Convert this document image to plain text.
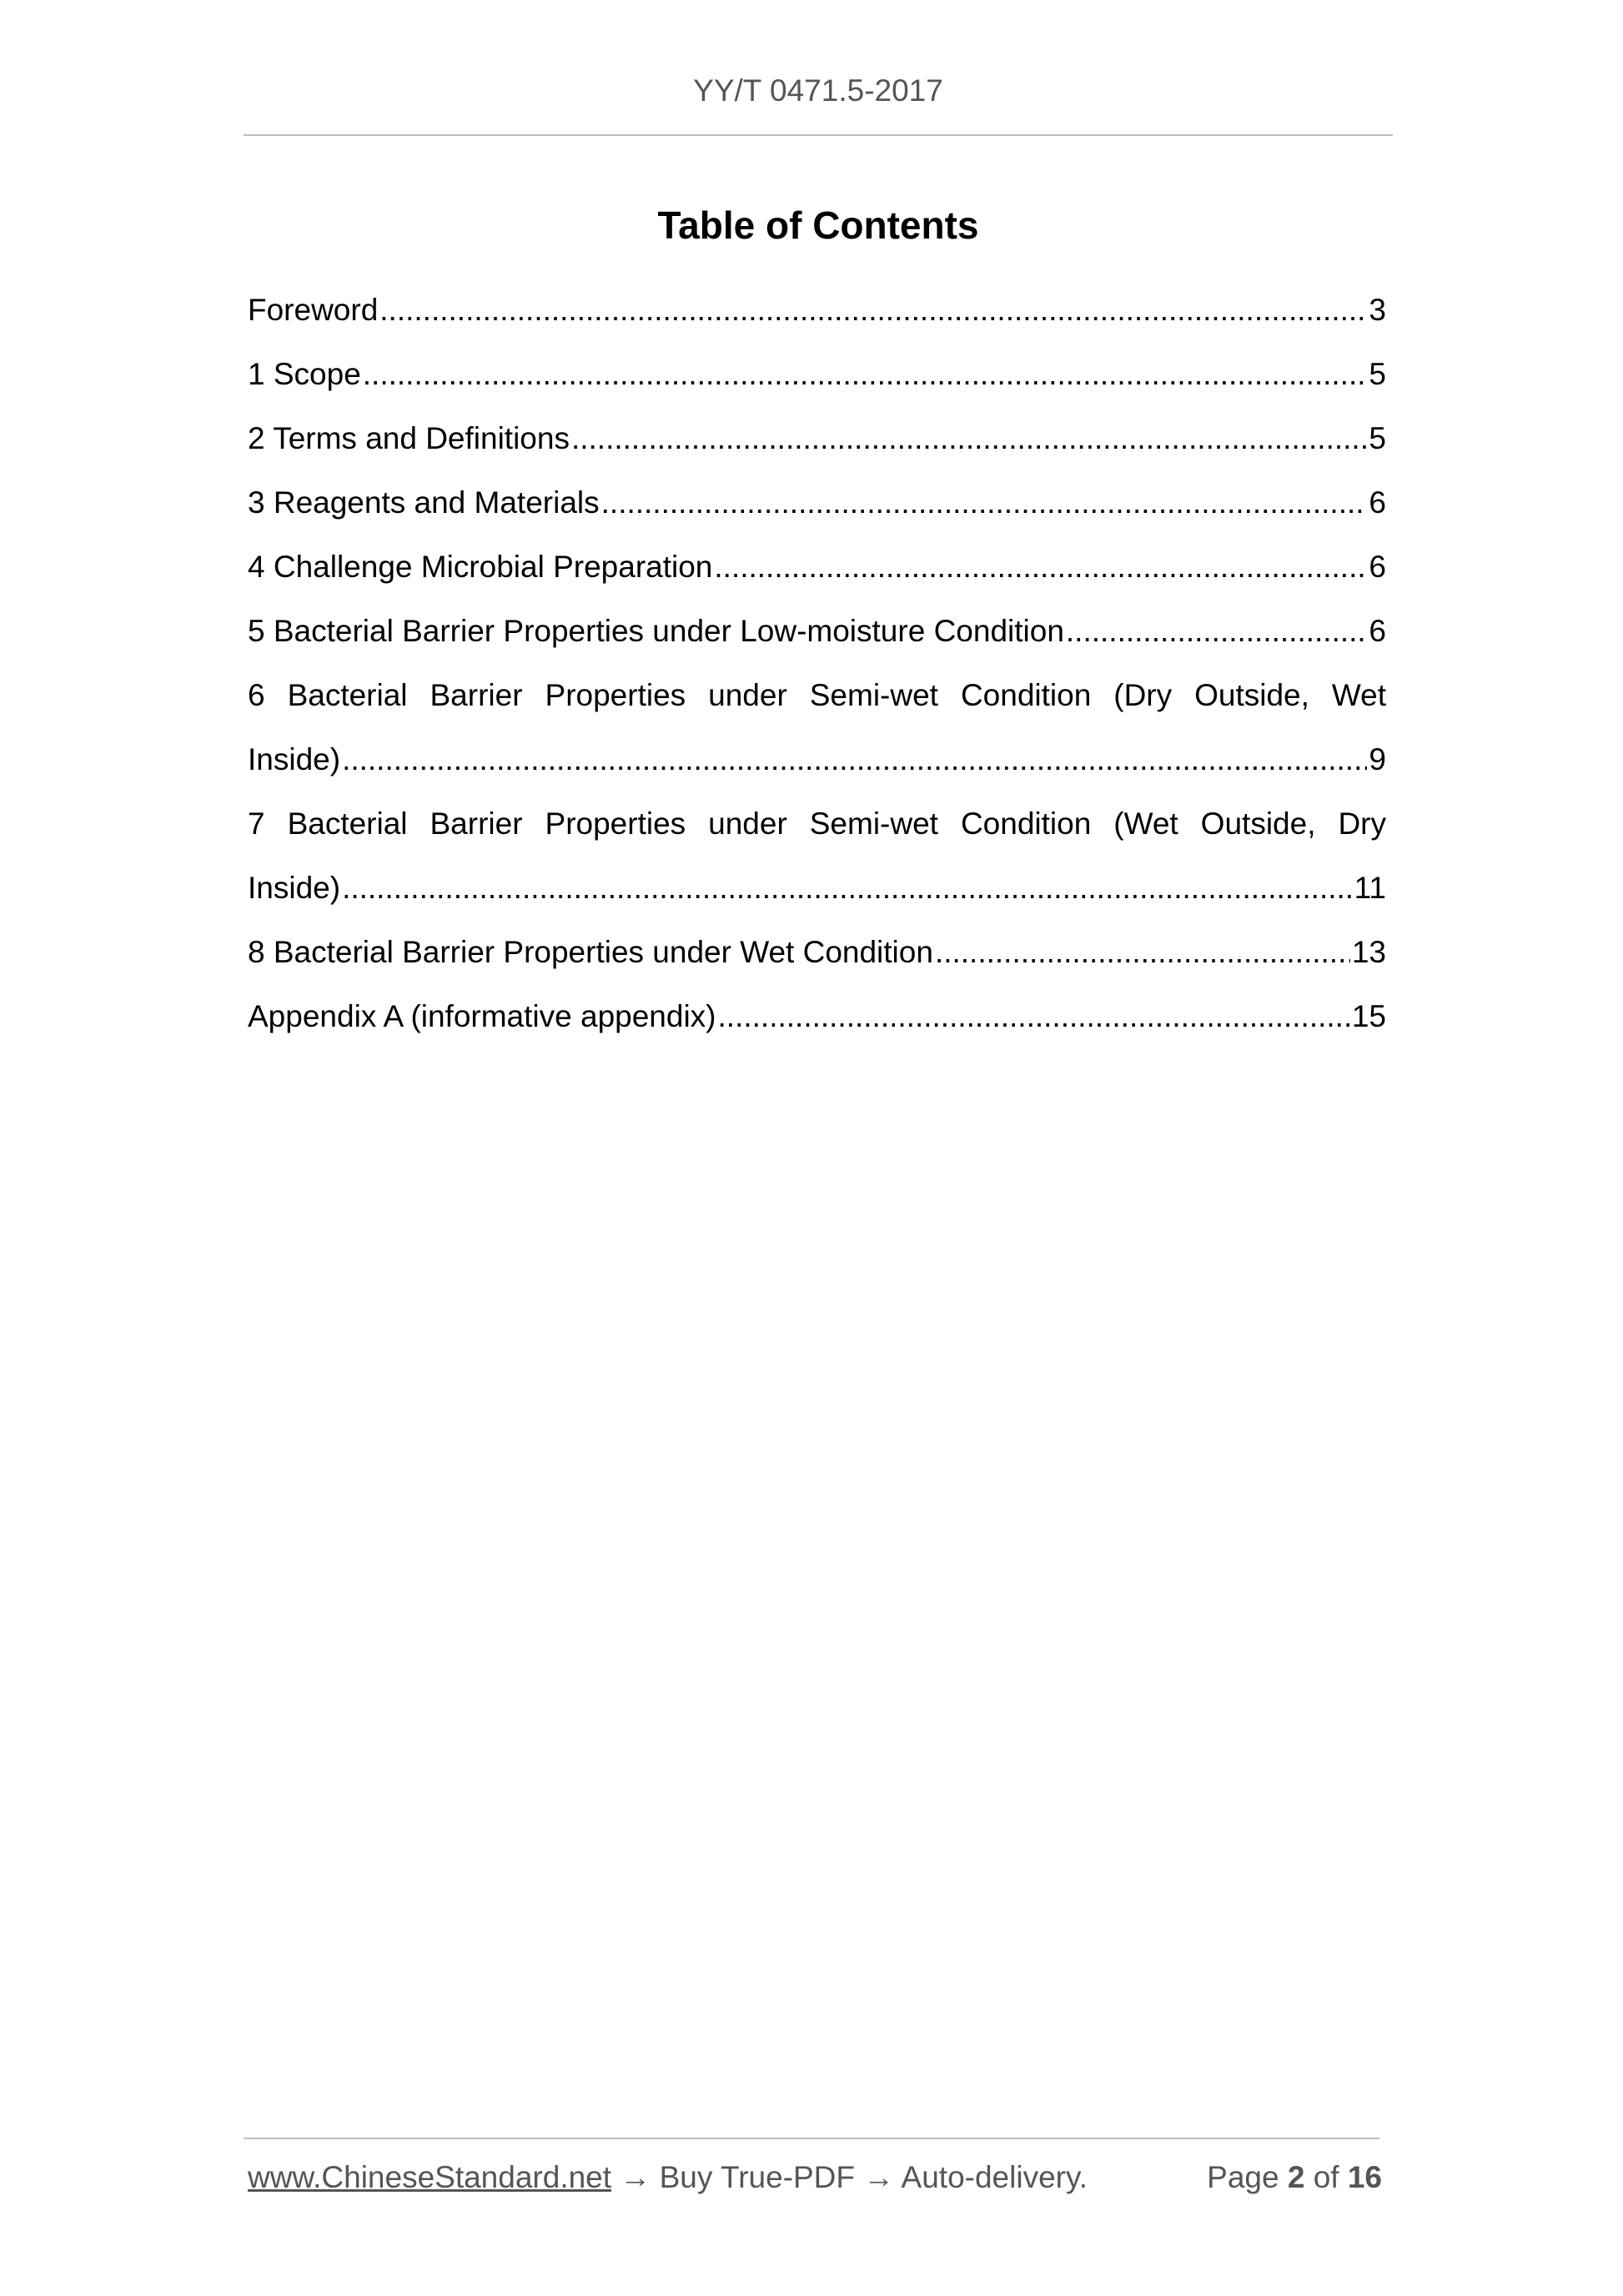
YY/T 0471.5-2017
Table of Contents
Foreword .....	3
1 Scope .....	5
2 Terms and Definitions .....	5
3 Reagents and Materials .....	6
4 Challenge Microbial Preparation .....	6
5 Bacterial Barrier Properties under Low-moisture Condition .....	6
6 Bacterial Barrier Properties under Semi-wet Condition (Dry Outside, Wet
Inside) .....	9
7 Bacterial Barrier Properties under Semi-wet Condition (Wet Outside, Dry
Inside) .....	11
8 Bacterial Barrier Properties under Wet Condition .....	13
Appendix A (informative appendix) .....	15
www.ChineseStandard.net → Buy True-PDF → Auto-delivery.	Page 2 of 16
